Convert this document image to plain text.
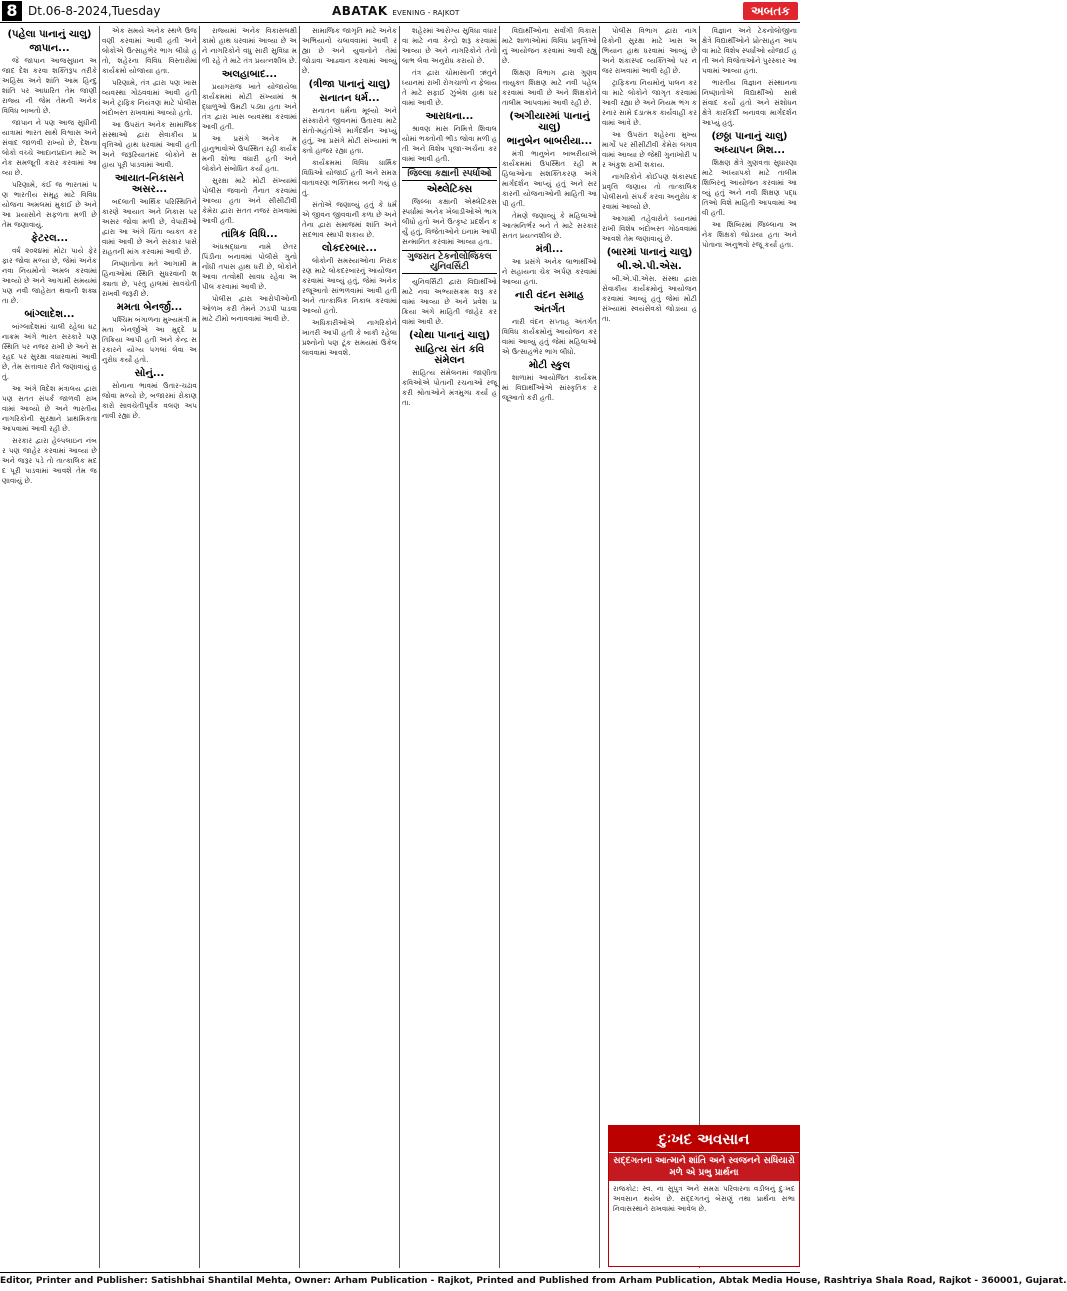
8 Dt.06-8-2024,Tuesday	ABATAK EVENING - RAJKOT	અબતક
(પહેલા પાનાનું ચાલુ)
જાપાન...

જે જાપાન આજસુધાન અજાદ દેશ કરવા શક્તિરૂપ તરીકે અહિંસા અને શાંતિ આમ હિન્દુ શાંતિ પર આધારિત તેમ જાણી રાજ્ય ની જેમ તેમની અનેક વિવિધ બાબતો છે.

જાપાન ને પણ આજ સુધીની યાત્રામાં ભારત સાથે વિશ્વાસ અને સંવાદ જાળવી રાખ્યો છે, દેશના લોકો વચ્ચે આદાનપ્રદાન માટે અનેક સમજૂતી કરાર કરવામાં આવ્યા છે.

પરિણામે, કંઈ જ ભારતમાં પણ ભારતીય સમૂહ માટે વિવિધ યોજના અમલમાં મુકાઈ છે અને આ પ્રયાસોને સફળતા મળી છે તેમ જણાવાયું.

ફેટરલ...

વર્ષ ૨૦૨૪માં મોટા પાયે ફેરફાર જોવા મળ્યા છે, જેમાં અનેક નવા નિયમોનો અમલ કરવામાં આવ્યો છે અને આગામી સમયમાં પણ નવી જાહેરાત થવાની શક્યતા છે.

બાંગ્લાદેશ...

બાંગ્લાદેશમાં ચાલી રહેલા ઘટનાક્રમ અંગે ભારત સરકારે પણ સ્થિતિ પર નજર રાખી છે અને સરહદ પર સુરક્ષા વધારવામાં આવી છે, તેમ સત્તાવાર રીતે જણાવાયું હતું.

આ અંગે વિદેશ મંત્રાલય દ્વારા પણ સતત સંપર્ક જાળવી રાખવામાં આવ્યો છે અને ભારતીય નાગરિકોની સુરક્ષાને પ્રાથમિકતા આપવામાં આવી રહી છે.

સરકાર દ્વારા હેલ્પલાઇન નંબર પણ જાહેર કરવામાં આવ્યા છે અને જરૂર પડે તો તાત્કાલિક મદદ પૂરી પાડવામાં આવશે તેમ જણાવાયું છે.

એક સમયે અનેક સ્થળે ઉજવણી કરવામાં આવી હતી અને લોકોએ ઉત્સાહભેર ભાગ લીધો હતો, શહેરના વિવિધ વિસ્તારોમાં કાર્યક્રમો યોજાયા હતા.

પરિણામે, તંત્ર દ્વારા પણ ખાસ વ્યવસ્થા ગોઠવવામાં આવી હતી અને ટ્રાફિક નિયંત્રણ માટે પોલીસ બંદોબસ્ત રાખવામાં આવ્યો હતો.

આ ઉપરાંત અનેક સામાજિક સંસ્થાઓ દ્વારા સેવાકીય પ્રવૃત્તિઓ હાથ ધરવામાં આવી હતી અને જરૂરિયાતમંદ લોકોને સહાય પૂરી પાડવામાં આવી.

આયાત-નિકાસને અસર...

બદલાતી આર્થિક પરિસ્થિતિને કારણે આયાત અને નિકાસ પર અસર જોવા મળી છે, વેપારીઓ દ્વારા આ અંગે ચિંતા વ્યક્ત કરવામાં આવી છે અને સરકાર પાસે રાહતની માંગ કરવામાં આવી છે.

નિષ્ણાતોના મતે આગામી મહિનાઓમાં સ્થિતિ સુધરવાની શક્યતા છે, પરંતુ હાલમાં સાવચેતી રાખવી જરૂરી છે.

મમતા બેનર્જી...

પશ્ચિમ બંગાળના મુખ્યમંત્રી મમતા બેનર્જીએ આ મુદ્દે પ્રતિક્રિયા આપી હતી અને કેન્દ્ર સરકારને યોગ્ય પગલાં લેવા અનુરોધ કર્યો હતો.

સોનું...

સોનાના ભાવમાં ઉતાર-ચઢાવ જોવા મળ્યો છે, બજારમાં રોકાણકારો સાવચેતીપૂર્વક વલણ અપનાવી રહ્યા છે.

રાજ્યમાં અનેક વિકાસલક્ષી કામો હાથ ધરવામાં આવ્યા છે અને નાગરિકોને વધુ સારી સુવિધા મળી રહે તે માટે તંત્ર પ્રયત્નશીલ છે.

અલહાબાદ...

પ્રયાગરાજ ખાતે યોજાયેલા કાર્યક્રમમાં મોટી સંખ્યામાં શ્રદ્ધાળુઓ ઉમટી પડ્યા હતા અને તંત્ર દ્વારા ખાસ વ્યવસ્થા કરવામાં આવી હતી.

આ પ્રસંગે અનેક મહાનુભાવોએ ઉપસ્થિત રહી કાર્યક્રમની શોભા વધારી હતી અને લોકોને સંબોધિત કર્યા હતા.

સુરક્ષા માટે મોટી સંખ્યામાં પોલીસ જવાનો તૈનાત કરવામાં આવ્યા હતા અને સીસીટીવી કેમેરા દ્વારા સતત નજર રાખવામાં આવી હતી.

તાંત્રિક વિધિ...

અંધશ્રદ્ધાના નામે છેતરપિંડીના બનાવમાં પોલીસે ગુનો નોંધી તપાસ હાથ ધરી છે, લોકોને આવા તત્વોથી સાવધ રહેવા અપીલ કરવામાં આવી છે.

પોલીસ દ્વારા આરોપીઓની ઓળખ કરી તેમને ઝડપી પાડવા માટે ટીમો બનાવવામાં આવી છે.

સામાજિક જાગૃતિ માટે અનેક અભિયાનો ચલાવવામાં આવી રહ્યા છે અને યુવાનોને તેમાં જોડાવા આહ્વાન કરવામાં આવ્યું છે.

(ત્રીજા પાનાનું ચાલુ)
સનાતન ધર્મ...

સનાતન ધર્મના મૂલ્યો અને સંસ્કારોને જીવનમાં ઉતારવા માટે સંતો-મહંતોએ માર્ગદર્શન આપ્યું હતું, આ પ્રસંગે મોટી સંખ્યામાં ભક્તો હાજર રહ્યા હતા.

કાર્યક્રમમાં વિવિધ ધાર્મિક વિધિઓ યોજાઈ હતી અને સમગ્ર વાતાવરણ ભક્તિમય બની ગયું હતું.

સંતોએ જણાવ્યું હતું કે ધર્મ એ જીવન જીવવાની કળા છે અને તેના દ્વારા સમાજમાં શાંતિ અને સદભાવ સ્થાપી શકાય છે.

લોકદરબાર...

લોકોની સમસ્યાઓના નિરાકરણ માટે લોકદરબારનું આયોજન કરવામાં આવ્યું હતું, જેમાં અનેક રજૂઆતો સાંભળવામાં આવી હતી અને તાત્કાલિક નિકાલ કરવામાં આવ્યો હતો.

અધિકારીઓએ નાગરિકોને ખાતરી આપી હતી કે બાકી રહેલા પ્રશ્નોનો પણ ટૂંક સમયમાં ઉકેલ લાવવામાં આવશે.

શહેરમાં આરોગ્ય સુવિધા વધારવા માટે નવા કેન્દ્રો શરૂ કરવામાં આવ્યા છે અને નાગરિકોને તેનો લાભ લેવા અનુરોધ કરાયો છે.

તંત્ર દ્વારા ચોમાસાની ઋતુને ધ્યાનમાં રાખી રોગચાળો ન ફેલાય તે માટે સફાઈ ઝુંબેશ હાથ ધરવામાં આવી છે.

આરાધના...

શ્રાવણ માસ નિમિત્તે શિવાલયોમાં ભક્તોની ભીડ જોવા મળી હતી અને વિશેષ પૂજા-અર્ચના કરવામાં આવી હતી.

જિલ્લા કક્ષાની સ્પર્ધાઓ
એથ્લેટિક્સ

જિલ્લા કક્ષાની એથ્લેટિક્સ સ્પર્ધામાં અનેક ખેલાડીઓએ ભાગ લીધો હતો અને ઉત્કૃષ્ટ પ્રદર્શન કર્યું હતું, વિજેતાઓને ઇનામ આપી સન્માનિત કરવામાં આવ્યા હતા.

ગુજરાત ટેકનોલોજિકલ યુનિવર્સિટી

યુનિવર્સિટી દ્વારા વિદ્યાર્થીઓ માટે નવા અભ્યાસક્રમ શરૂ કરવામાં આવ્યા છે અને પ્રવેશ પ્રક્રિયા અંગે માહિતી જાહેર કરવામાં આવી છે.

(ચોથા પાનાનું ચાલુ)
સાહિત્ય સંત કવિ સંમેલન

સાહિત્ય સંમેલનમાં જાણીતા કવિઓએ પોતાની રચનાઓ રજૂ કરી શ્રોતાઓને મંત્રમુગ્ધ કર્યા હતા.

વિદ્યાર્થીઓના સર્વાંગી વિકાસ માટે શાળાઓમાં વિવિધ પ્રવૃત્તિઓનું આયોજન કરવામાં આવી રહ્યું છે.

શિક્ષણ વિભાગ દ્વારા ગુણવત્તાયુક્ત શિક્ષણ માટે નવી પહેલ કરવામાં આવી છે અને શિક્ષકોને તાલીમ આપવામાં આવી રહી છે.

(અગીયારમાં પાનાનું ચાલુ)
ભાનુબેન બાબરીયા...

મંત્રી ભાનુબેન બાબરીયાએ કાર્યક્રમમાં ઉપસ્થિત રહી મહિલાઓના સશક્તિકરણ અંગે માર્ગદર્શન આપ્યું હતું અને સરકારની યોજનાઓની માહિતી આપી હતી.

તેમણે જણાવ્યું કે મહિલાઓ આત્મનિર્ભર બને તે માટે સરકાર સતત પ્રયત્નશીલ છે.

મંત્રી...

આ પ્રસંગે અનેક લાભાર્થીઓને સહાયના ચેક અર્પણ કરવામાં આવ્યા હતા.

નારી વંદન સમાહ
અંતર્ગત

નારી વંદન સપ્તાહ અંતર્ગત વિવિધ કાર્યક્રમોનું આયોજન કરવામાં આવ્યું હતું જેમાં મહિલાઓએ ઉત્સાહભેર ભાગ લીધો.

મોટી સ્કુલ

શાળામાં આયોજિત કાર્યક્રમમાં વિદ્યાર્થીઓએ સાંસ્કૃતિક રજૂઆતો કરી હતી.

પોલીસ વિભાગ દ્વારા નાગરિકોની સુરક્ષા માટે ખાસ અભિયાન હાથ ધરવામાં આવ્યું છે અને શંકાસ્પદ વ્યક્તિઓ પર નજર રાખવામાં આવી રહી છે.

ટ્રાફિકના નિયમોનું પાલન કરવા માટે લોકોને જાગૃત કરવામાં આવી રહ્યા છે અને નિયમ ભંગ કરનાર સામે દંડાત્મક કાર્યવાહી કરવામાં આવે છે.

આ ઉપરાંત શહેરના મુખ્ય માર્ગો પર સીસીટીવી કેમેરા લગાવવામાં આવ્યા છે જેથી ગુનાખોરી પર અંકુશ રાખી શકાય.

નાગરિકોને કોઈપણ શંકાસ્પદ પ્રવૃત્તિ જણાય તો તાત્કાલિક પોલીસનો સંપર્ક કરવા અનુરોધ કરવામાં આવ્યો છે.

આગામી તહેવારોને ધ્યાનમાં રાખી વિશેષ બંદોબસ્ત ગોઠવવામાં આવશે તેમ જણાવાયું છે.

(બારમાં પાનાનું ચાલુ)
બી.એ.પી.એસ.

બી.એ.પી.એસ. સંસ્થા દ્વારા સેવાકીય કાર્યક્રમોનું આયોજન કરવામાં આવ્યું હતું જેમાં મોટી સંખ્યામાં સ્વયંસેવકો જોડાયા હતા.

વિજ્ઞાન અને ટેકનોલોજીના ક્ષેત્રે વિદ્યાર્થીઓને પ્રોત્સાહન આપવા માટે વિશેષ સ્પર્ધાઓ યોજાઈ હતી અને વિજેતાઓને પુરસ્કાર આપવામાં આવ્યા હતા.

ભારતીય વિજ્ઞાન સંસ્થાનના નિષ્ણાતોએ વિદ્યાર્થીઓ સાથે સંવાદ કર્યો હતો અને સંશોધન ક્ષેત્રે કારકિર્દી બનાવવા માર્ગદર્શન આપ્યું હતું.

(છઠ્ઠા પાનાનું ચાલુ)
અધ્યાપન મિશ...

શિક્ષણ ક્ષેત્રે ગુણવત્તા સુધારણા માટે અધ્યાપકો માટે તાલીમ શિબિરનું આયોજન કરવામાં આવ્યું હતું અને નવી શિક્ષણ પદ્ધતિઓ વિશે માહિતી આપવામાં આવી હતી.

આ શિબિરમાં જિલ્લાના અનેક શિક્ષકો જોડાયા હતા અને પોતાના અનુભવો રજૂ કર્યા હતા.

દુઃખદ અવસાન
સદ્દગતના આત્માને શાંતિ અને સ્વજનને સધિયારો મળે એ પ્રભુ પ્રાર્થના
રાજકોટ: સ્વ. ના સુપુત્ર અને સમગ્ર પરિવારના વડીલનું દુઃખદ અવસાન થયેલ છે. સદ્દગતનું બેસણું તથા પ્રાર્થના સભા નિવાસસ્થાને રાખવામાં આવેલ છે.
Editor, Printer and Publisher: Satishbhai Shantilal Mehta, Owner: Arham Publication - Rajkot, Printed and Published from Arham Publication, Abtak Media House, Rashtriya Shala Road, Rajkot - 360001, Gujarat.
